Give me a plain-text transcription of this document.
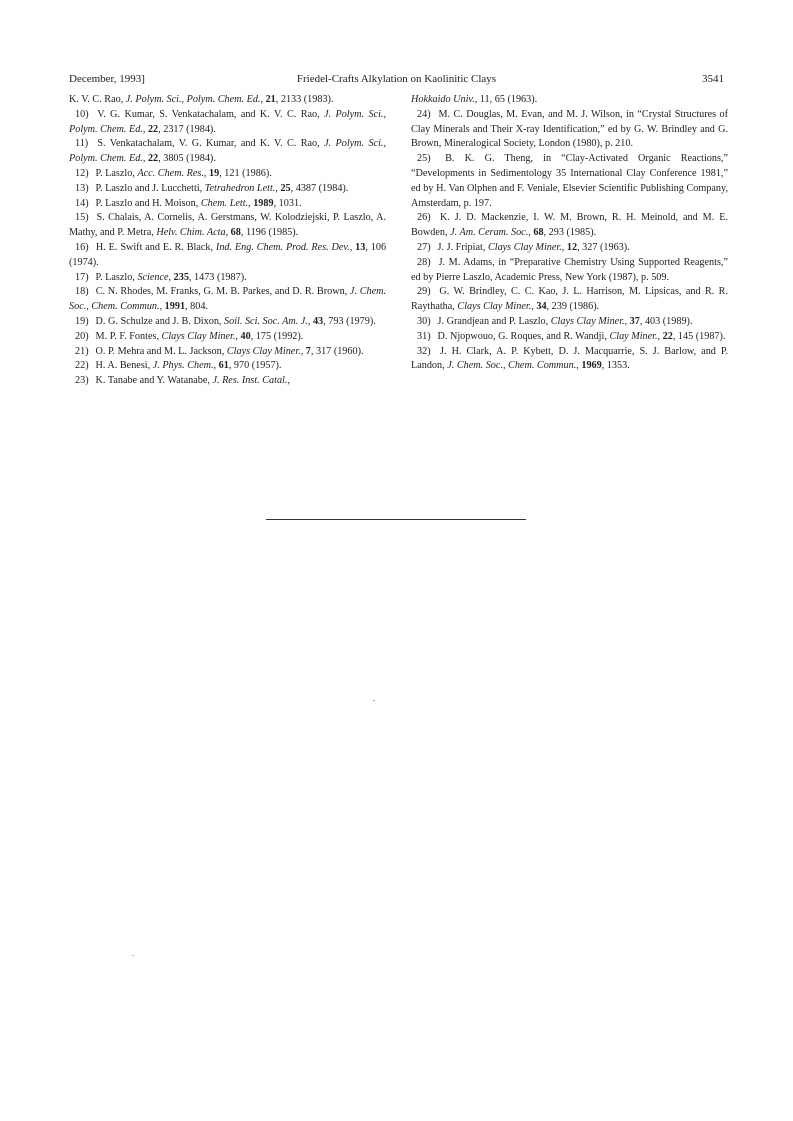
December, 1993]	Friedel-Crafts Alkylation on Kaolinitic Clays	3541

K. V. C. Rao, J. Polym. Sci., Polym. Chem. Ed., 21, 2133 (1983).

10) V. G. Kumar, S. Venkatachalam, and K. V. C. Rao, J. Polym. Sci., Polym. Chem. Ed., 22, 2317 (1984).

11) S. Venkatachalam, V. G. Kumar, and K. V. C. Rao, J. Polym. Sci., Polym. Chem. Ed., 22, 3805 (1984).

12) P. Laszlo, Acc. Chem. Res., 19, 121 (1986).

13) P. Laszlo and J. Lucchetti, Tetrahedron Lett., 25, 4387 (1984).

14) P. Laszlo and H. Moison, Chem. Lett., 1989, 1031.

15) S. Chalais, A. Cornelis, A. Gerstmans, W. Kolodziejski, P. Laszlo, A. Mathy, and P. Metra, Helv. Chim. Acta, 68, 1196 (1985).

16) H. E. Swift and E. R. Black, Ind. Eng. Chem. Prod. Res. Dev., 13, 106 (1974).

17) P. Laszlo, Science, 235, 1473 (1987).

18) C. N. Rhodes, M. Franks, G. M. B. Parkes, and D. R. Brown, J. Chem. Soc., Chem. Commun., 1991, 804.

19) D. G. Schulze and J. B. Dixon, Soil. Sci. Soc. Am. J., 43, 793 (1979).

20) M. P. F. Fontes, Clays Clay Miner., 40, 175 (1992).

21) O. P. Mehra and M. L. Jackson, Clays Clay Miner., 7, 317 (1960).

22) H. A. Benesi, J. Phys. Chem., 61, 970 (1957).

23) K. Tanabe and Y. Watanabe, J. Res. Inst. Catal.,

Hokkaido Univ., 11, 65 (1963).

24) M. C. Douglas, M. Evan, and M. J. Wilson, in “Crystal Structures of Clay Minerals and Their X-ray Identification,” ed by G. W. Brindley and G. Brown, Mineralogical Society, London (1980), p. 210.

25) B. K. G. Theng, in “Clay-Activated Organic Reactions,” “Developments in Sedimentology 35 International Clay Conference 1981,” ed by H. Van Olphen and F. Veniale, Elsevier Scientific Publishing Company, Amsterdam, p. 197.

26) K. J. D. Mackenzie, I. W. M. Brown, R. H. Meinold, and M. E. Bowden, J. Am. Ceram. Soc., 68, 293 (1985).

27) J. J. Fripiat, Clays Clay Miner., 12, 327 (1963).

28) J. M. Adams, in “Preparative Chemistry Using Supported Reagents,” ed by Pierre Laszlo, Academic Press, New York (1987), p. 509.

29) G. W. Brindley, C. C. Kao, J. L. Harrison, M. Lipsicas, and R. R. Raythatha, Clays Clay Miner., 34, 239 (1986).

30) J. Grandjean and P. Laszlo, Clays Clay Miner., 37, 403 (1989).

31) D. Njopwouo, G. Roques, and R. Wandji, Clay Miner., 22, 145 (1987).

32) J. H. Clark, A. P. Kybett, D. J. Macquarrie, S. J. Barlow, and P. Landon, J. Chem. Soc., Chem. Commun., 1969, 1353.
